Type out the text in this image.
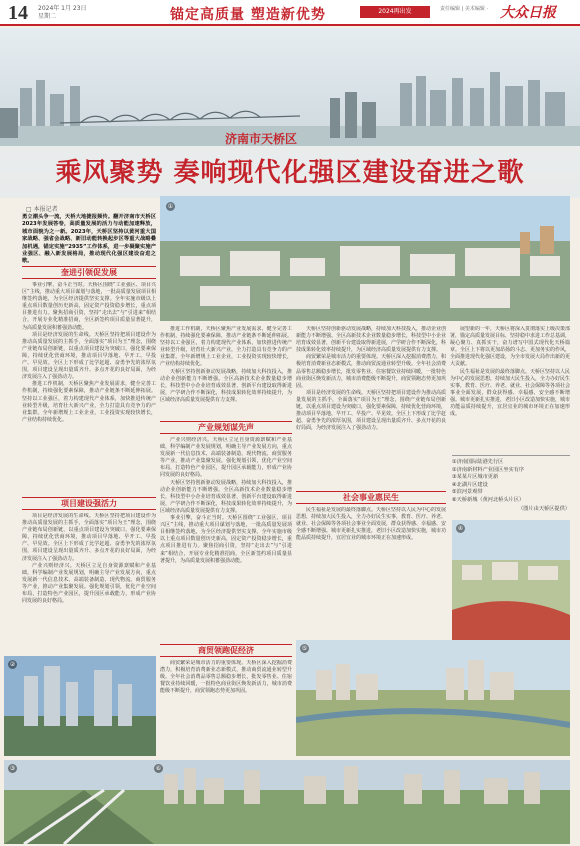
14 2024年 1月 23日
星期二	锚定高质量 塑造新优势	2024再出发	责任编辑 | 美术编辑 · 大众日报
济南市天桥区
乘风聚势 奏响现代化强区建设奋进之歌
□ 本报记者
勇立潮头争一流，天桥大地捷报频传。翻开济南市天桥区2023年发展答卷，高质量发展的活力与动能加速释放，城市面貌为之一新。2023年，天桥区坚持以黄河重大国家战略、强省会战略、新旧动能转换起步区等重大战略叠加机遇，锚定实施“2935”工作体系，进一步凝聚实施产业强区、融入新发展格局，推动现代化强区建设奋进之歌。
奎进引领促发展

事业引擎，奋斗正当时。天桥区围绕“工业强区、项目兴区”主线，推动重大项目谋划与落地，一批高质量发展项目相继签约落地，为全区经济提供坚实支撑。全年实施市级以上重点项目数量创历史新高，固定资产投资稳步增长，重点项目推进有力。聚焦招商引资，坚持“走出去”与“引进来”相结合，开展专业化精准招商，全区新签约项目质量显著提升，为高质量发展积蓄强劲动能。

项目是经济发展的生命线。天桥区坚持把项目建设作为推动高质量发展的主抓手，全面落实“项目为王”理念，围绕产业链布局创新链，以重点项目建设为突破口，强化要素保障，持续优化营商环境，推动项目早落地、早开工、早投产、早见效。全区上下形成了比学赶超、奋勇争先的浓厚氛围，项目建设呈现出量质齐升、多点开花的良好局面，为经济发展注入了强劲动力。

推进工作机制，天桥区聚焦产业发展需求，健全完善工作机制，持续强化要素保障，推动产业链条不断延伸拓展。坚持以工业强区，着力构建现代产业体系，加快推进传统产业转型升级，培育壮大新兴产业，全力打造具有竞争力的产业集群。全年新增规上工业企业，工业投资实现较快增长，产业结构持续优化。

项目建设强活力

项目是经济发展的生命线。天桥区坚持把项目建设作为推动高质量发展的主抓手，全面落实“项目为王”理念，围绕产业链布局创新链，以重点项目建设为突破口，强化要素保障，持续优化营商环境，推动项目早落地、早开工、早投产、早见效。全区上下形成了比学赶超、奋勇争先的浓厚氛围，项目建设呈现出量质齐升、多点开花的良好局面，为经济发展注入了强劲动力。

产业兴则经济兴。天桥区立足自身资源禀赋和产业基础，科学编制产业发展规划，明确主导产业发展方向，重点发展新一代信息技术、高端装备制造、现代物流、商贸服务等产业，推动产业集聚发展。强化规划引领，优化产业空间布局，打造特色产业园区，提升园区承载能力，形成产业协同发展的良好格局。

①

推进工作机制，天桥区聚焦产业发展需求，健全完善工作机制，持续强化要素保障，推动产业链条不断延伸拓展。坚持以工业强区，着力构建现代产业体系，加快推进传统产业转型升级，培育壮大新兴产业，全力打造具有竞争力的产业集群。全年新增规上工业企业，工业投资实现较快增长，产业结构持续优化。

天桥区坚持创新驱动发展战略，持续加大科技投入，推动企业创新能力不断增强。全区高新技术企业数量稳步增长，科技型中小企业培育成效显著，创新平台建设取得新进展，产学研合作不断深化，科技成果转化效率持续提升，为区域经济高质量发展提供有力支撑。

产业规划谋先声

产业兴则经济兴。天桥区立足自身资源禀赋和产业基础，科学编制产业发展规划，明确主导产业发展方向，重点发展新一代信息技术、高端装备制造、现代物流、商贸服务等产业，推动产业集聚发展。强化规划引领，优化产业空间布局，打造特色产业园区，提升园区承载能力，形成产业协同发展的良好格局。

天桥区坚持创新驱动发展战略，持续加大科技投入，推动企业创新能力不断增强。全区高新技术企业数量稳步增长，科技型中小企业培育成效显著，创新平台建设取得新进展，产学研合作不断深化，科技成果转化效率持续提升，为区域经济高质量发展提供有力支撑。

事业引擎，奋斗正当时。天桥区围绕“工业强区、项目兴区”主线，推动重大项目谋划与落地，一批高质量发展项目相继签约落地，为全区经济提供坚实支撑。全年实施市级以上重点项目数量创历史新高，固定资产投资稳步增长，重点项目推进有力。聚焦招商引资，坚持“走出去”与“引进来”相结合，开展专业化精准招商，全区新签约项目质量显著提升，为高质量发展积蓄强劲动能。

天桥区坚持创新驱动发展战略，持续加大科技投入，推动企业创新能力不断增强。全区高新技术企业数量稳步增长，科技型中小企业培育成效显著，创新平台建设取得新进展，产学研合作不断深化，科技成果转化效率持续提升，为区域经济高质量发展提供有力支撑。

商贸繁荣是城市活力的重要体现。天桥区深入挖掘消费潜力，积极培育消费新业态新模式，推动商贸流通业转型升级。全年社会消费品零售总额稳步增长，批发零售业、住宿餐饮业持续回暖，一批特色商业街区焕发新活力，城市消费能级不断提升，商贸领跑态势更加巩固。

项目是经济发展的生命线。天桥区坚持把项目建设作为推动高质量发展的主抓手，全面落实“项目为王”理念，围绕产业链布局创新链，以重点项目建设为突破口，强化要素保障，持续优化营商环境，推动项目早落地、早开工、早投产、早见效。全区上下形成了比学赶超、奋勇争先的浓厚氛围，项目建设呈现出量质齐升、多点开花的良好局面，为经济发展注入了强劲动力。

社会事业惠民生

民生福祉是发展的最终落脚点。天桥区坚持以人民为中心的发展思想，持续加大民生投入，全力办好民生实事，教育、医疗、养老、就业、社会保障等各项社会事业全面发展，群众获得感、幸福感、安全感不断增强。城市更新扎实推进，老旧小区改造加快实施，城市功能品质持续提升，宜居宜业的城市环境正在加速形成。

展望新的一年，天桥区将深入贯彻落实上级决策部署，锚定高质量发展目标，坚持稳中求进工作总基调，凝心聚力、真抓实干，奋力谱写中国式现代化天桥篇章。全区上下将以更加昂扬的斗志、更加务实的作风，全面推进现代化强区建设，为全市发展大局作出新的更大贡献。

民生福祉是发展的最终落脚点。天桥区坚持以人民为中心的发展思想，持续加大民生投入，全力办好民生实事，教育、医疗、养老、就业、社会保障等各项社会事业全面发展，群众获得感、幸福感、安全感不断增强。城市更新扎实推进，老旧小区改造加快实施，城市功能品质持续提升，宜居宜业的城市环境正在加速形成。

①济南国际陆港先行区
②济南新材料产业园区坐实有序
③某某片区城市更新
④北湖片区建设
⑤滨河景观带
⑥天桥新城（黄河北桥头片区）
（图片由天桥区提供）
④
商贸领跑促经济

商贸繁荣是城市活力的重要体现。天桥区深入挖掘消费潜力，积极培育消费新业态新模式，推动商贸流通业转型升级。全年社会消费品零售总额稳步增长，批发零售业、住宿餐饮业持续回暖，一批特色商业街区焕发新活力，城市消费能级不断提升，商贸领跑态势更加巩固。

⑤
②
③	⑥
